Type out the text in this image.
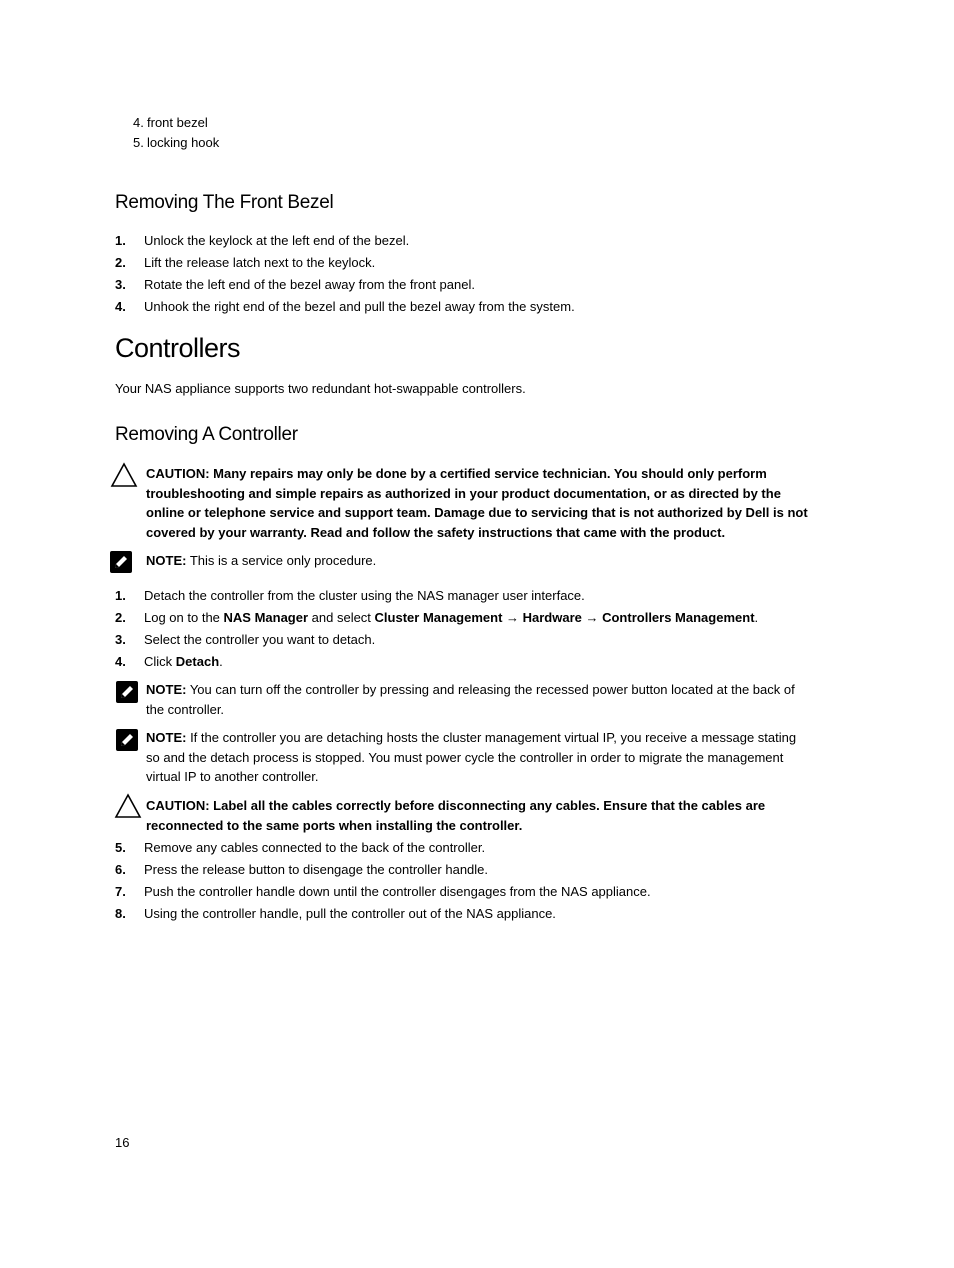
4. front bezel
5. locking hook
Removing The Front Bezel
1. Unlock the keylock at the left end of the bezel.
2. Lift the release latch next to the keylock.
3. Rotate the left end of the bezel away from the front panel.
4. Unhook the right end of the bezel and pull the bezel away from the system.
Controllers
Your NAS appliance supports two redundant hot-swappable controllers.
Removing A Controller
CAUTION: Many repairs may only be done by a certified service technician. You should only perform troubleshooting and simple repairs as authorized in your product documentation, or as directed by the online or telephone service and support team. Damage due to servicing that is not authorized by Dell is not covered by your warranty. Read and follow the safety instructions that came with the product.
NOTE: This is a service only procedure.
1. Detach the controller from the cluster using the NAS manager user interface.
2. Log on to the NAS Manager and select Cluster Management → Hardware → Controllers Management.
3. Select the controller you want to detach.
4. Click Detach.
NOTE: You can turn off the controller by pressing and releasing the recessed power button located at the back of the controller.
NOTE: If the controller you are detaching hosts the cluster management virtual IP, you receive a message stating so and the detach process is stopped. You must power cycle the controller in order to migrate the management virtual IP to another controller.
CAUTION: Label all the cables correctly before disconnecting any cables. Ensure that the cables are reconnected to the same ports when installing the controller.
5. Remove any cables connected to the back of the controller.
6. Press the release button to disengage the controller handle.
7. Push the controller handle down until the controller disengages from the NAS appliance.
8. Using the controller handle, pull the controller out of the NAS appliance.
16
